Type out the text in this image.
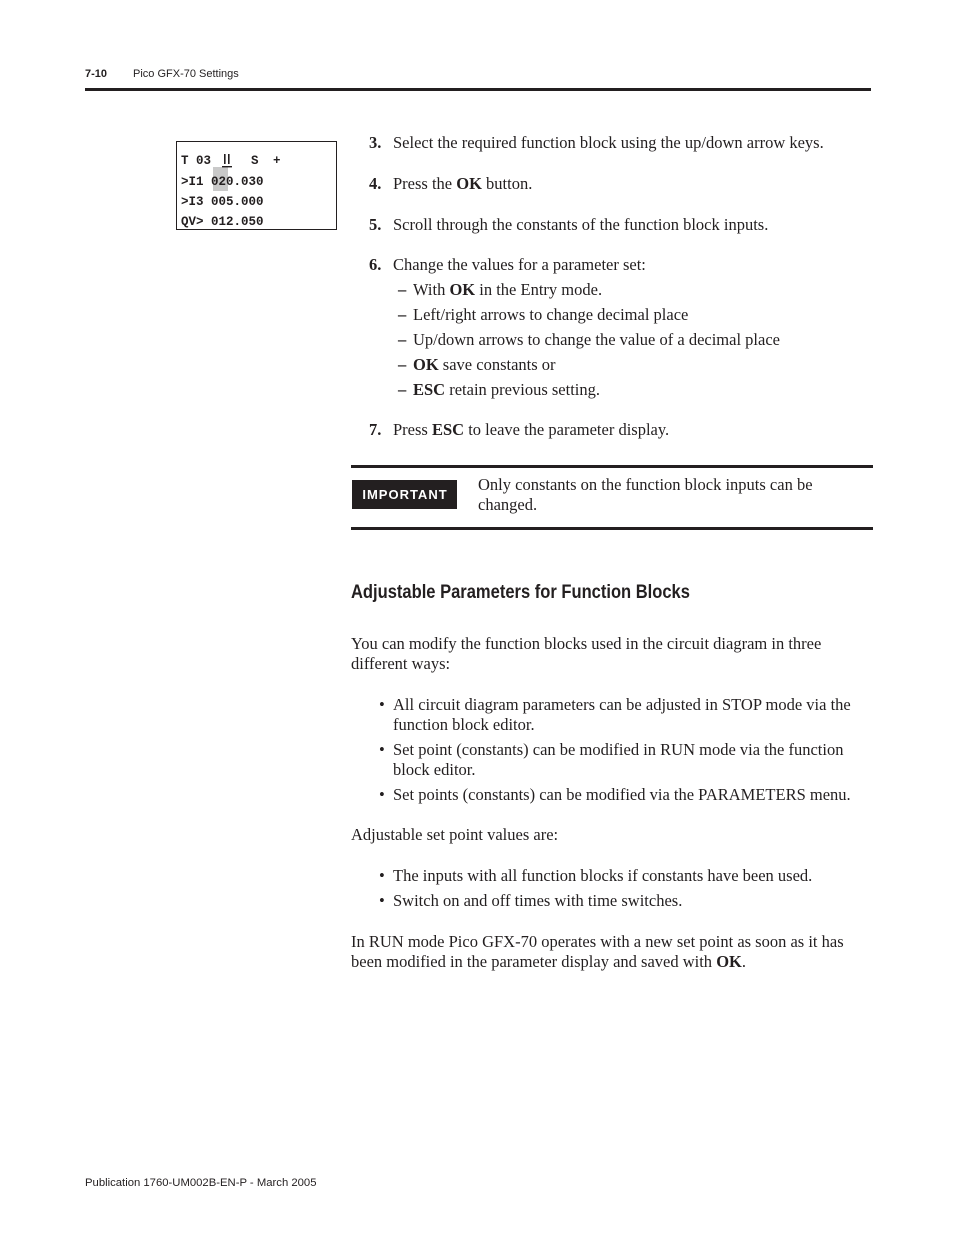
7-10 Pico GFX-70 Settings
T 03	S +
>I1 020.030
>I3 005.000
QV> 012.050
3. Select the required function block using the up/down arrow keys.
4. Press the OK button.
5. Scroll through the constants of the function block inputs.
6. Change the values for a parameter set:
– With OK in the Entry mode.
– Left/right arrows to change decimal place
– Up/down arrows to change the value of a decimal place
– OK save constants or
– ESC retain previous setting.
7. Press ESC to leave the parameter display.
IMPORTANT
Only constants on the function block inputs can be changed.
Adjustable Parameters for Function Blocks
You can modify the function blocks used in the circuit diagram in three different ways:
• All circuit diagram parameters can be adjusted in STOP mode via the function block editor.
• Set point (constants) can be modified in RUN mode via the function block editor.
• Set points (constants) can be modified via the PARAMETERS menu.
Adjustable set point values are:
• The inputs with all function blocks if constants have been used.
• Switch on and off times with time switches.
In RUN mode Pico GFX-70 operates with a new set point as soon as it has been modified in the parameter display and saved with OK.
Publication 1760-UM002B-EN-P - March 2005
